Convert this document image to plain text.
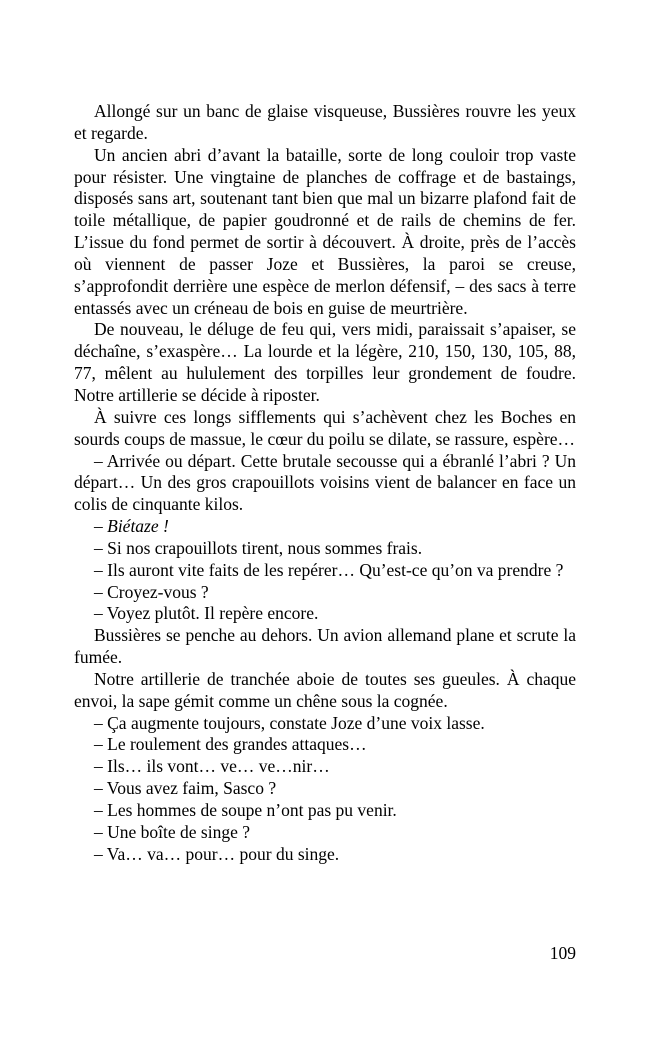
Allongé sur un banc de glaise visqueuse, Bussières rouvre les yeux et regarde.

Un ancien abri d’avant la bataille, sorte de long couloir trop vaste pour résister. Une vingtaine de planches de coffrage et de bastaings, disposés sans art, soutenant tant bien que mal un bizarre plafond fait de toile métallique, de papier goudronné et de rails de chemins de fer. L’issue du fond permet de sortir à découvert. À droite, près de l’accès où viennent de passer Joze et Bussières, la paroi se creuse, s’approfondit derrière une espèce de merlon défensif, – des sacs à terre entassés avec un créneau de bois en guise de meurtrière.

De nouveau, le déluge de feu qui, vers midi, paraissait s’apaiser, se déchaîne, s’exaspère… La lourde et la légère, 210, 150, 130, 105, 88, 77, mêlent au hululement des torpilles leur grondement de foudre. Notre artillerie se décide à riposter.

À suivre ces longs sifflements qui s’achèvent chez les Boches en sourds coups de massue, le cœur du poilu se dilate, se rassure, espère…

– Arrivée ou départ. Cette brutale secousse qui a ébranlé l’abri ? Un départ… Un des gros crapouillots voisins vient de balancer en face un colis de cinquante kilos.

– Biétaze !

– Si nos crapouillots tirent, nous sommes frais.

– Ils auront vite faits de les repérer… Qu’est-ce qu’on va prendre ?

– Croyez-vous ?

– Voyez plutôt. Il repère encore.

Bussières se penche au dehors. Un avion allemand plane et scrute la fumée.

Notre artillerie de tranchée aboie de toutes ses gueules. À chaque envoi, la sape gémit comme un chêne sous la cognée.

– Ça augmente toujours, constate Joze d’une voix lasse.

– Le roulement des grandes attaques…

– Ils… ils vont… ve… ve…nir…

– Vous avez faim, Sasco ?

– Les hommes de soupe n’ont pas pu venir.

– Une boîte de singe ?

– Va… va… pour… pour du singe.

109
